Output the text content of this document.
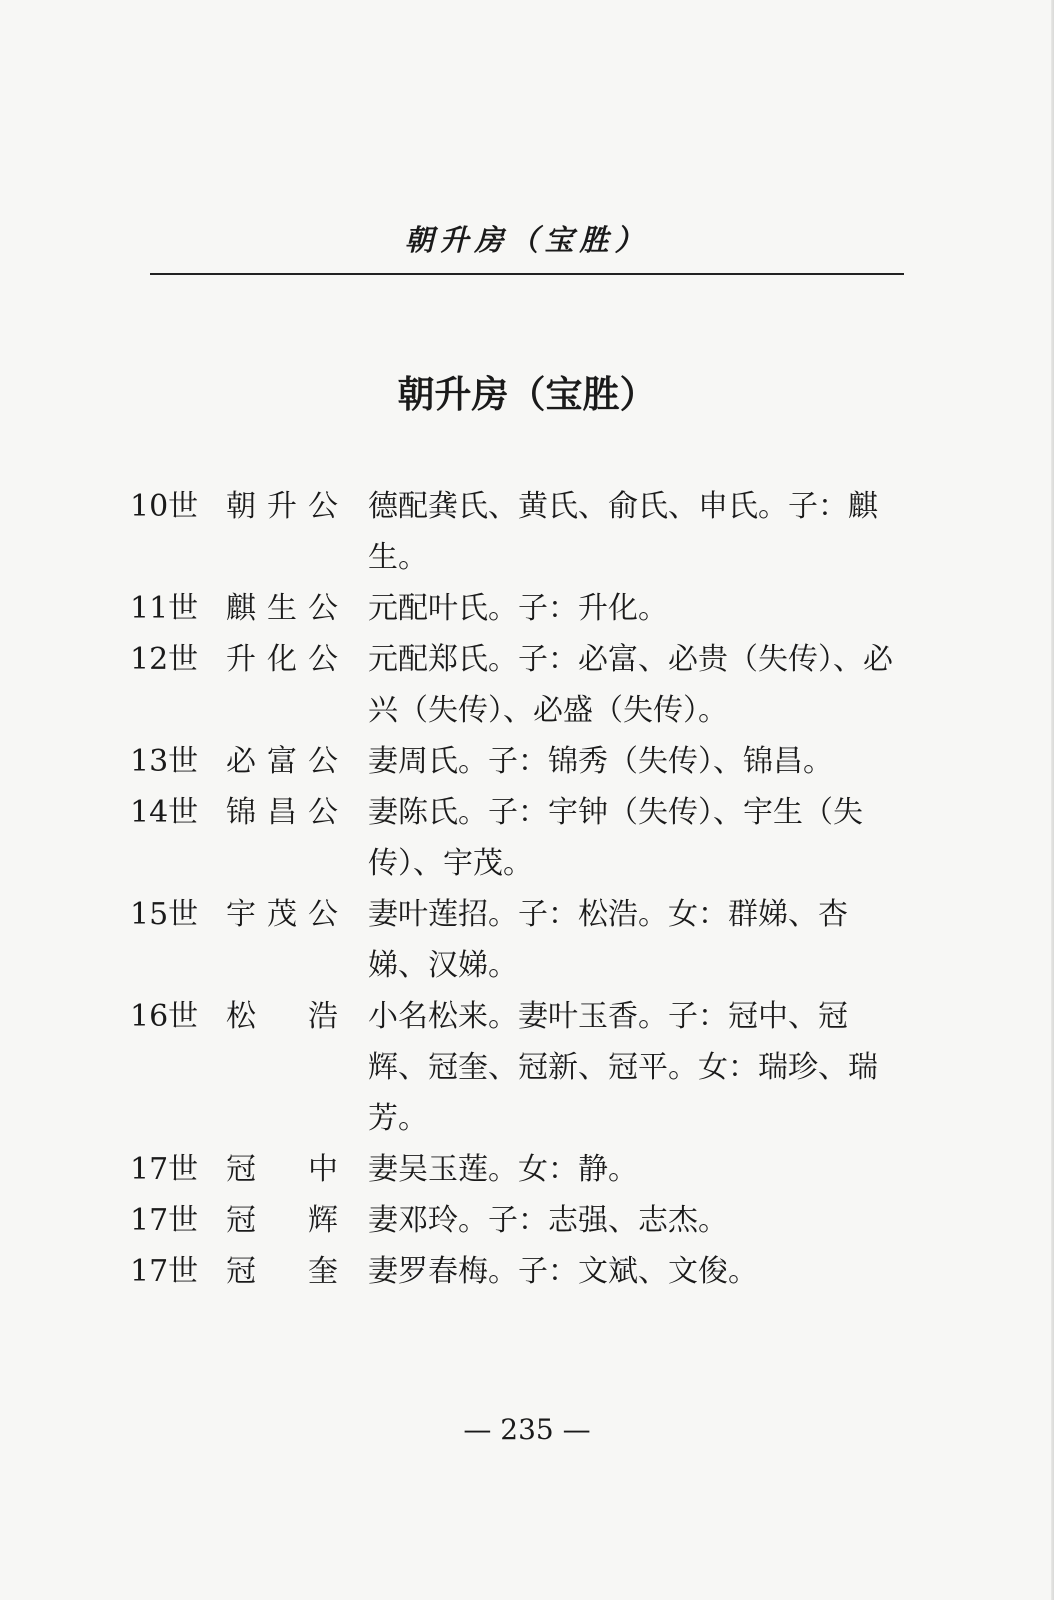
朝升房（宝胜）
朝升房（宝胜）
10世 朝升公	德配龚氏、黄氏、俞氏、申氏。子：麒生。
11世 麒生公	元配叶氏。子：升化。
12世 升化公	元配郑氏。子：必富、必贵（失传）、必兴（失传）、必盛（失传）。
13世 必富公	妻周氏。子：锦秀（失传）、锦昌。
14世 锦昌公	妻陈氏。子：宇钟（失传）、宇生（失传）、宇茂。
15世 宇茂公	妻叶莲招。子：松浩。女：群娣、杏娣、汉娣。
16世 松　浩	小名松来。妻叶玉香。子：冠中、冠辉、冠奎、冠新、冠平。女：瑞珍、瑞芳。
17世 冠　中	妻吴玉莲。女：静。
17世 冠　辉	妻邓玲。子：志强、志杰。
17世 冠　奎	妻罗春梅。子：文斌、文俊。
— 235 —
